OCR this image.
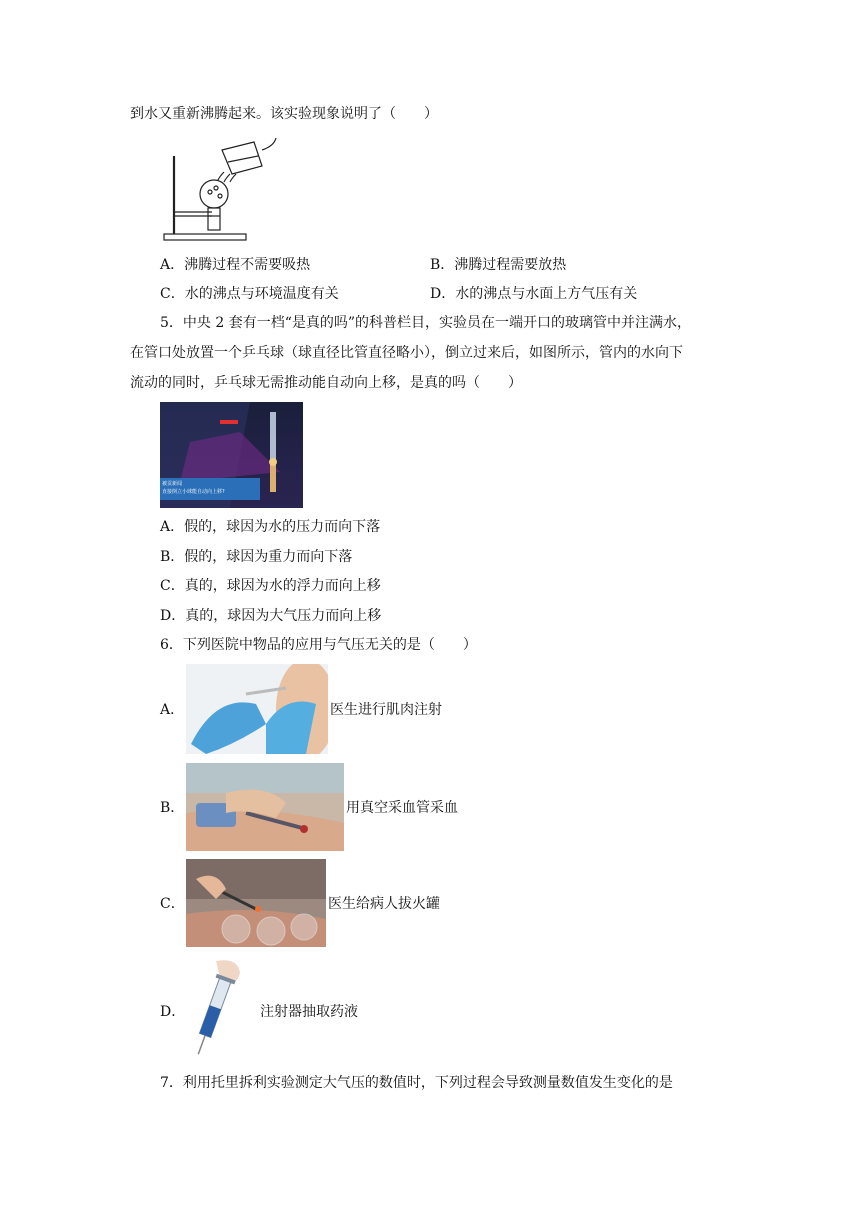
到水又重新沸腾起来。该实验现象说明了（　　）
A．沸腾过程不需要吸热	B．沸腾过程需要放热
C．水的沸点与环境温度有关	D．水的沸点与水面上方气压有关
5．中央 2 套有一档“是真的吗”的科普栏目，实验员在一端开口的玻璃管中并注满水，
在管口处放置一个乒乓球（球直径比管直径略小），倒立过来后，如图所示，管内的水向下
流动的同时，乒乓球无需推动能自动向上移，是真的吗（　　）
被贡新闻
直接倒立小球能自动向上移?
A．假的，球因为水的压力而向下落
B．假的，球因为重力而向下落
C．真的，球因为水的浮力而向上移
D．真的，球因为大气压力而向上移
6．下列医院中物品的应用与气压无关的是（　　）
A．	医生进行肌肉注射
B．	用真空采血管采血
C．	医生给病人拔火罐
D．	注射器抽取药液
7．利用托里拆利实验测定大气压的数值时，下列过程会导致测量数值发生变化的是
